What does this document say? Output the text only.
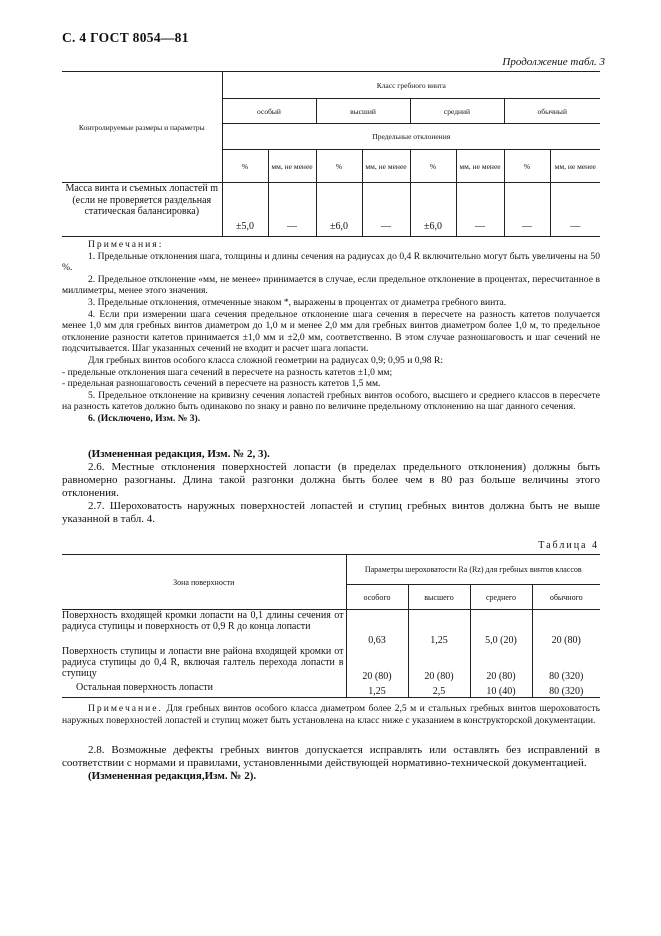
С. 4 ГОСТ 8054—81
Продолжение табл. 3
Контролируемые размеры и параметры	Класс гребного винта							
	особый		высший		средний		обычный	
	Предельные отклонения							
	%	мм, не менее	%	мм, не менее	%	мм, не менее	%	мм, не менее
Масса винта и съемных лопастей m (если не проверяется раздельная статическая балансировка)	±5,0	—	±6,0	—	±6,0	—	—	—

Примечания:

1. Предельные отклонения шага, толщины и длины сечения на радиусах до 0,4 R включительно могут быть увеличены на 50 %.

2. Предельное отклонение «мм, не менее» принимается в случае, если предельное отклонение в процентах, пересчитанное в миллиметры, менее этого значения.

3. Предельные отклонения, отмеченные знаком *, выражены в процентах от диаметра гребного винта.

4. Если при измерении шага сечения предельное отклонение шага сечения в пересчете на разность катетов получается менее 1,0 мм для гребных винтов диаметром до 1,0 м и менее 2,0 мм для гребных винтов диаметром более 1,0 м, то предельное отклонение разности катетов принимается ±1,0 мм и ±2,0 мм, соответственно. В этом случае разношаговость и шаг сечений не подсчитывается. Шаг указанных сечений не входит и расчет шага лопасти.

Для гребных винтов особого класса сложной геометрии на радиусах 0,9; 0,95 и 0,98 R:

- предельные отклонения шага сечений в пересчете на разность катетов ±1,0 мм;

- предельная разношаговость сечений в пересчете на разность катетов 1,5 мм.

5. Предельное отклонение на кривизну сечения лопастей гребных винтов особого, высшего и среднего классов в пересчете на разность катетов должно быть одинаково по знаку и равно по величине предельному отклонению на шаг данного сечения.

6. (Исключено, Изм. № 3).

(Измененная редакция, Изм. № 2, 3).

2.6. Местные отклонения поверхностей лопасти (в пределах предельного отклонения) должны быть равномерно разогнаны. Длина такой разгонки должна быть более чем в 80 раз больше величины этого отклонения.

2.7. Шероховатость наружных поверхностей лопастей и ступиц гребных винтов должна быть не выше указанной в табл. 4.

Таблица 4
Зона поверхности	Параметры шероховатости Ra (Rz) для гребных винтов классов			
	особого	высшего	среднего	обычного
Поверхность входящей кромки лопасти на 0,1 длины сечения от радиуса ступицы и поверхность от 0,9 R до конца лопасти	0,63	1,25	5,0 (20)	20 (80)
Поверхность ступицы и лопасти вне района входящей кромки от радиуса ступицы до 0,4 R, включая галтель перехода лопасти в ступицу	20 (80)	20 (80)	20 (80)	80 (320)
Остальная поверхность лопасти	1,25	2,5	10 (40)	80 (320)

Примечание. Для гребных винтов особого класса диаметром более 2,5 м и стальных гребных винтов шероховатость наружных поверхностей лопастей и ступиц может быть установлена на класс ниже с указанием в конструкторской документации.

2.8. Возможные дефекты гребных винтов допускается исправлять или оставлять без исправлений в соответствии с нормами и правилами, установленными действующей нормативно-технической документацией.

(Измененная редакция,Изм. № 2).
